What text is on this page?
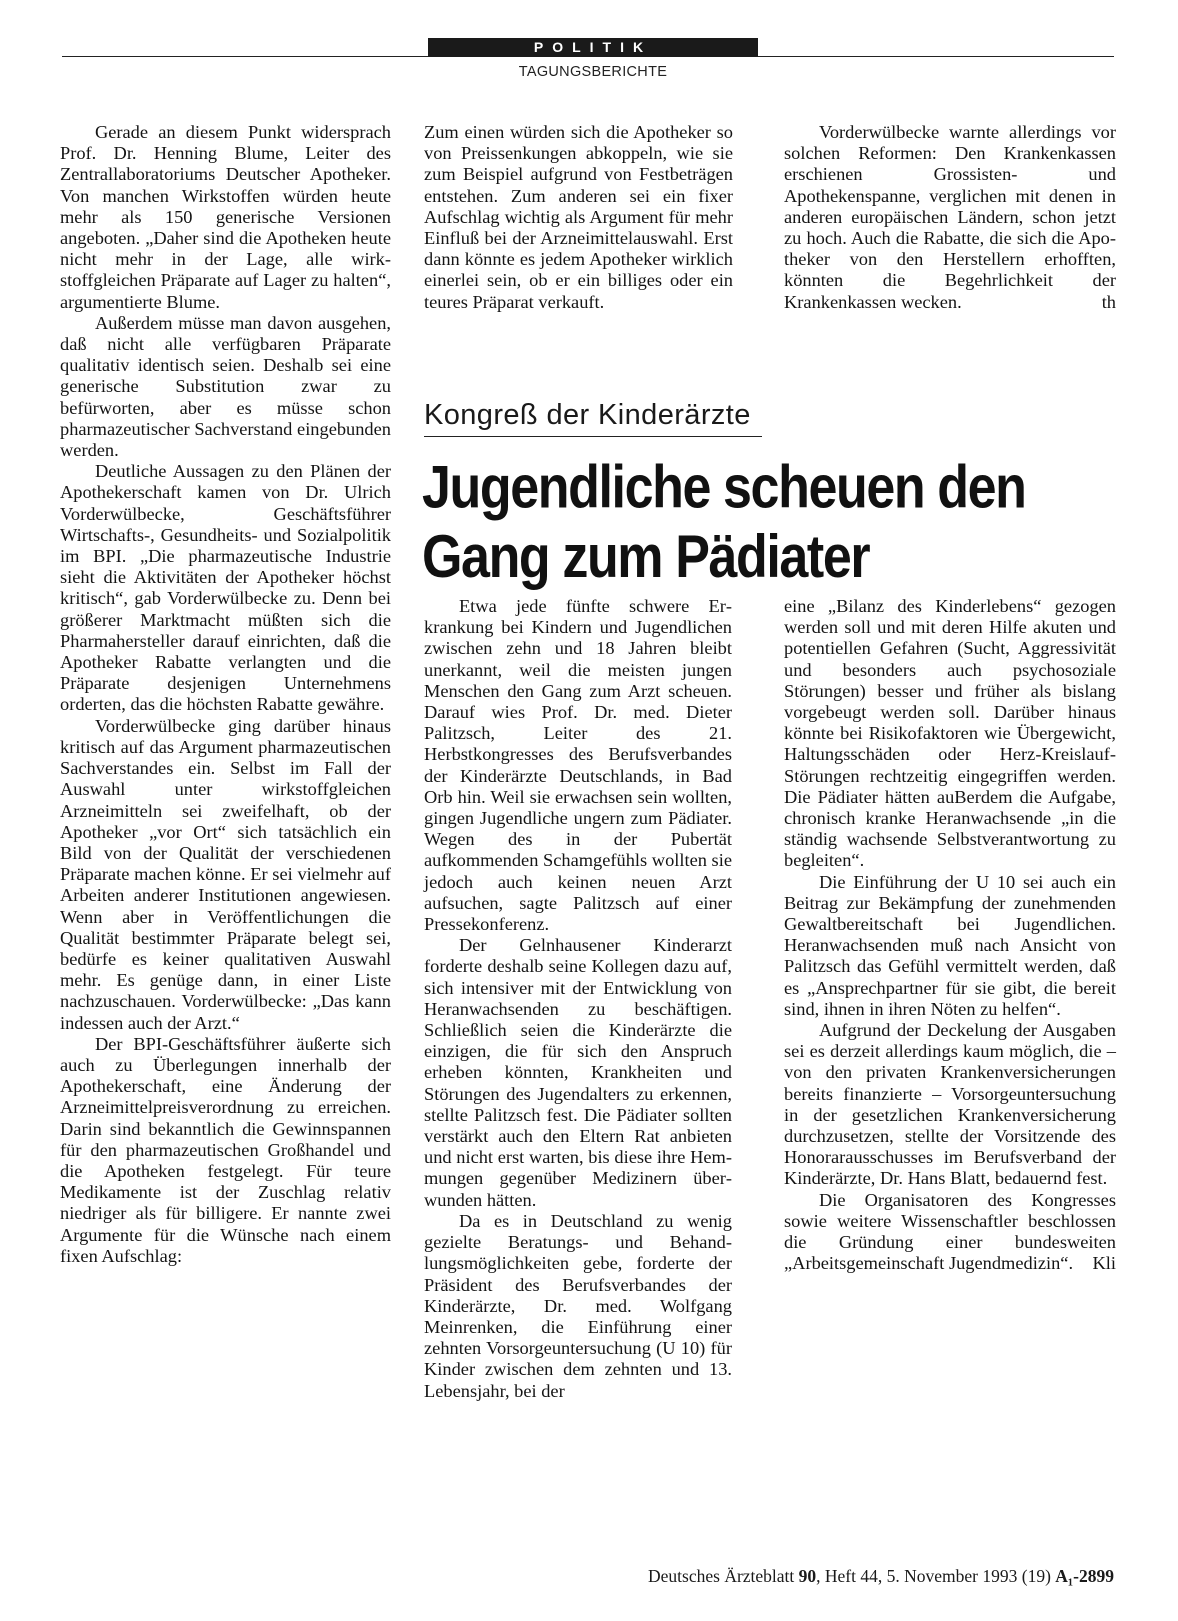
POLITIK
TAGUNGSBERICHTE

Gerade an diesem Punkt widersprach Prof. Dr. Henning Blume, Leiter des Zentrallaboratoriums Deutscher Apotheker. Von manchen Wirkstoffen würden heute mehr als 150 generische Versionen angeboten. „Daher sind die Apotheken heute nicht mehr in der Lage, alle wirkstoffgleichen Präparate auf Lager zu halten“, argumentierte Blume.

Außerdem müsse man davon ausgehen, daß nicht alle verfügbaren Präparate qualitativ identisch seien. Deshalb sei eine generische Substitution zwar zu befürworten, aber es müsse schon pharmazeutischer Sachverstand eingebunden werden.

Deutliche Aussagen zu den Plänen der Apothekerschaft kamen von Dr. Ulrich Vorderwülbecke, Geschäftsführer Wirtschafts-, Gesundheits- und Sozialpolitik im BPI. „Die pharmazeutische Industrie sieht die Aktivitäten der Apotheker höchst kritisch“, gab Vorderwülbecke zu. Denn bei größerer Marktmacht müßten sich die Pharmahersteller darauf einrichten, daß die Apotheker Rabatte verlangten und die Präparate desjenigen Unternehmens orderten, das die höchsten Rabatte gewähre.

Vorderwülbecke ging darüber hinaus kritisch auf das Argument pharmazeutischen Sachverstandes ein. Selbst im Fall der Auswahl unter wirkstoffgleichen Arzneimitteln sei zweifelhaft, ob der Apotheker „vor Ort“ sich tatsächlich ein Bild von der Qualität der verschiedenen Präparate machen könne. Er sei vielmehr auf Arbeiten anderer Institutionen angewiesen. Wenn aber in Veröffentlichungen die Qualität bestimmter Präparate belegt sei, bedürfe es keiner qualitativen Auswahl mehr. Es genüge dann, in einer Liste nachzuschauen. Vorderwülbecke: „Das kann indessen auch der Arzt.“

Der BPI-Geschäftsführer äußerte sich auch zu Überlegungen innerhalb der Apothekerschaft, eine Änderung der Arzneimittelpreisverordnung zu erreichen. Darin sind bekanntlich die Gewinnspannen für den pharmazeutischen Großhandel und die Apotheken festgelegt. Für teure Medikamente ist der Zuschlag relativ niedriger als für billigere. Er nannte zwei Argumente für die Wünsche nach einem fixen Aufschlag:

Zum einen würden sich die Apotheker so von Preissenkungen abkoppeln, wie sie zum Beispiel aufgrund von Festbeträgen entstehen. Zum anderen sei ein fixer Aufschlag wichtig als Argument für mehr Einfluß bei der Arzneimittelauswahl. Erst dann könnte es jedem Apotheker wirklich einerlei sein, ob er ein billiges oder ein teures Präparat verkauft.

Vorderwülbecke warnte allerdings vor solchen Reformen: Den Krankenkassen erschienen Grossisten- und Apothekenspanne, verglichen mit denen in anderen europäischen Ländern, schon jetzt zu hoch. Auch die Rabatte, die sich die Apotheker von den Herstellern erhofften, könnten die Begehrlichkeit der Krankenkassen wecken.	th

Kongreß der Kinderärzte
Jugendliche scheuen den
Gang zum Pädiater

Etwa jede fünfte schwere Erkrankung bei Kindern und Jugendlichen zwischen zehn und 18 Jahren bleibt unerkannt, weil die meisten jungen Menschen den Gang zum Arzt scheuen. Darauf wies Prof. Dr. med. Dieter Palitzsch, Leiter des 21. Herbstkongresses des Berufsverbandes der Kinderärzte Deutschlands, in Bad Orb hin. Weil sie erwachsen sein wollten, gingen Jugendliche ungern zum Pädiater. Wegen des in der Pubertät aufkommenden Schamgefühls wollten sie jedoch auch keinen neuen Arzt aufsuchen, sagte Palitzsch auf einer Pressekonferenz.

Der Gelnhausener Kinderarzt forderte deshalb seine Kollegen dazu auf, sich intensiver mit der Entwicklung von Heranwachsenden zu beschäftigen. Schließlich seien die Kinderärzte die einzigen, die für sich den Anspruch erheben könnten, Krankheiten und Störungen des Jugendalters zu erkennen, stellte Palitzsch fest. Die Pädiater sollten verstärkt auch den Eltern Rat anbieten und nicht erst warten, bis diese ihre Hemmungen gegenüber Medizinern überwunden hätten.

Da es in Deutschland zu wenig gezielte Beratungs- und Behandlungsmöglichkeiten gebe, forderte der Präsident des Berufsverbandes der Kinderärzte, Dr. med. Wolfgang Meinrenken, die Einführung einer zehnten Vorsorgeuntersuchung (U 10) für Kinder zwischen dem zehnten und 13. Lebensjahr, bei der

eine „Bilanz des Kinderlebens“ gezogen werden soll und mit deren Hilfe akuten und potentiellen Gefahren (Sucht, Aggressivität und besonders auch psychosoziale Störungen) besser und früher als bislang vorgebeugt werden soll. Darüber hinaus könnte bei Risikofaktoren wie Übergewicht, Haltungsschäden oder Herz-Kreislauf-Störungen rechtzeitig eingegriffen werden. Die Pädiater hätten auBerdem die Aufgabe, chronisch kranke Heranwachsende „in die ständig wachsende Selbstverantwortung zu begleiten“.

Die Einführung der U 10 sei auch ein Beitrag zur Bekämpfung der zunehmenden Gewaltbereitschaft bei Jugendlichen. Heranwachsenden muß nach Ansicht von Palitzsch das Gefühl vermittelt werden, daß es „Ansprechpartner für sie gibt, die bereit sind, ihnen in ihren Nöten zu helfen“.

Aufgrund der Deckelung der Ausgaben sei es derzeit allerdings kaum möglich, die – von den privaten Krankenversicherungen bereits finanzierte – Vorsorgeuntersuchung in der gesetzlichen Krankenversicherung durchzusetzen, stellte der Vorsitzende des Honorarausschusses im Berufsverband der Kinderärzte, Dr. Hans Blatt, bedauernd fest.

Die Organisatoren des Kongresses sowie weitere Wissenschaftler beschlossen die Gründung einer bundesweiten „Arbeitsgemeinschaft Jugendmedizin“. Kli

Deutsches Ärzteblatt 90, Heft 44, 5. November 1993 (19) A₁-2899
